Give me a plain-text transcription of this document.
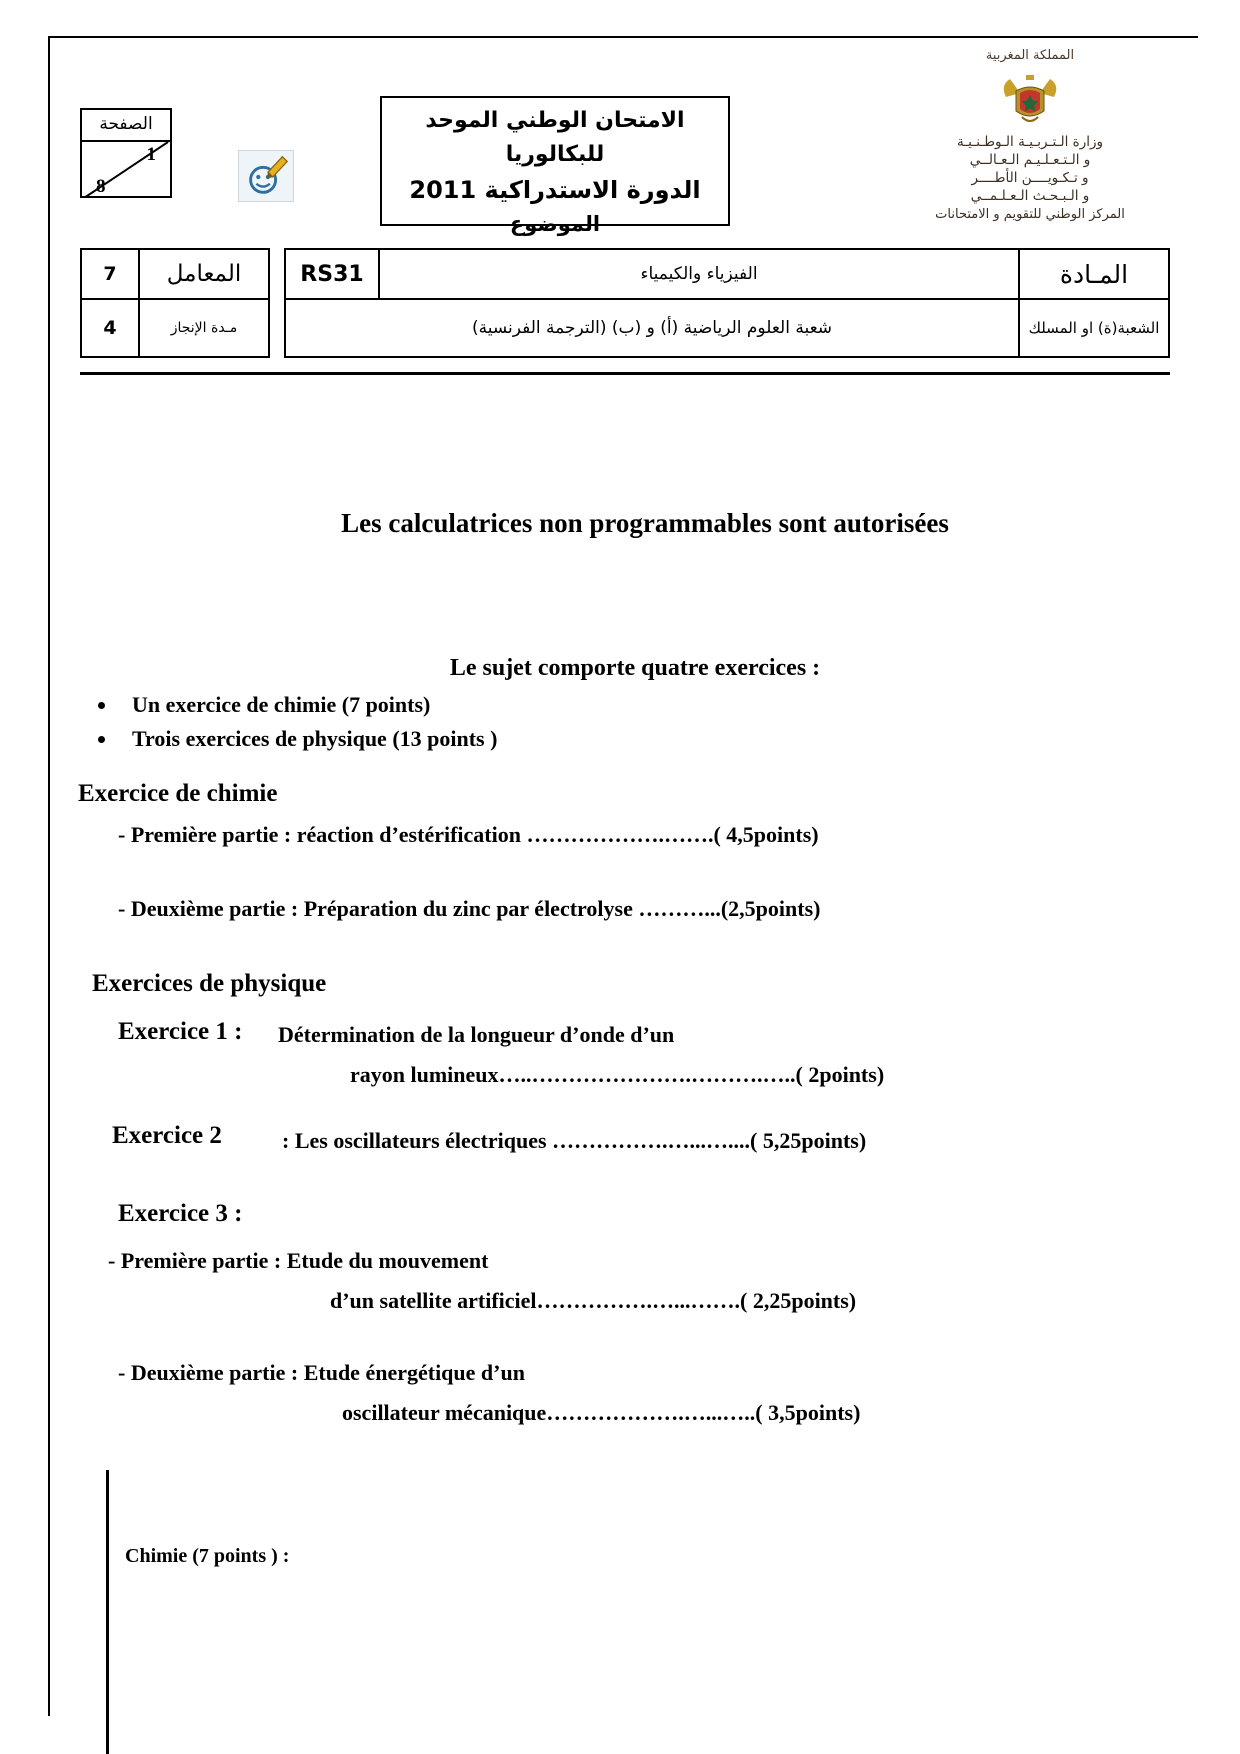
الصفحة
1
8
الامتحان الوطني الموحد للبكالوريا
الدورة الاستدراكية 2011
الموضوع
المملكة المغربية
وزارة الـتـربـيـة الـوطـنـيـة
و الـتـعـلـيـم الـعـالــي
و تـكـويــــن الأطــــر
و الـبـحـث الـعـلـمــي
المركز الوطني للتقويم و الامتحانات
المـادة	الفيزياء والكيمياء	RS31		المعامل	7
الشعبة(ة) او المسلك	شعبة العلوم الرياضية (أ) و (ب) (الترجمة الفرنسية)			مـدة الإنجاز	4
Les calculatrices non programmables sont autorisées
Le sujet comporte quatre exercices :
• Un exercice de chimie (7 points)
• Trois exercices de physique (13 points )
Exercice de chimie
- Première partie : réaction d’estérification ……………….…….( 4,5points)
- Deuxième partie : Préparation du zinc par électrolyse ………...(2,5points)
Exercices de physique
Exercice 1 : Détermination de la longueur d’onde d’un
rayon lumineux…..………………….……….…..( 2points)
Exercice 2	: Les oscillateurs électriques …………….…...…....( 5,25points)
Exercice 3 :
- Première partie : Etude du mouvement
d’un satellite artificiel…………….…...…….( 2,25points)
- Deuxième partie : Etude énergétique d’un
oscillateur mécanique……………….…...…..( 3,5points)
Chimie (7 points ) :
